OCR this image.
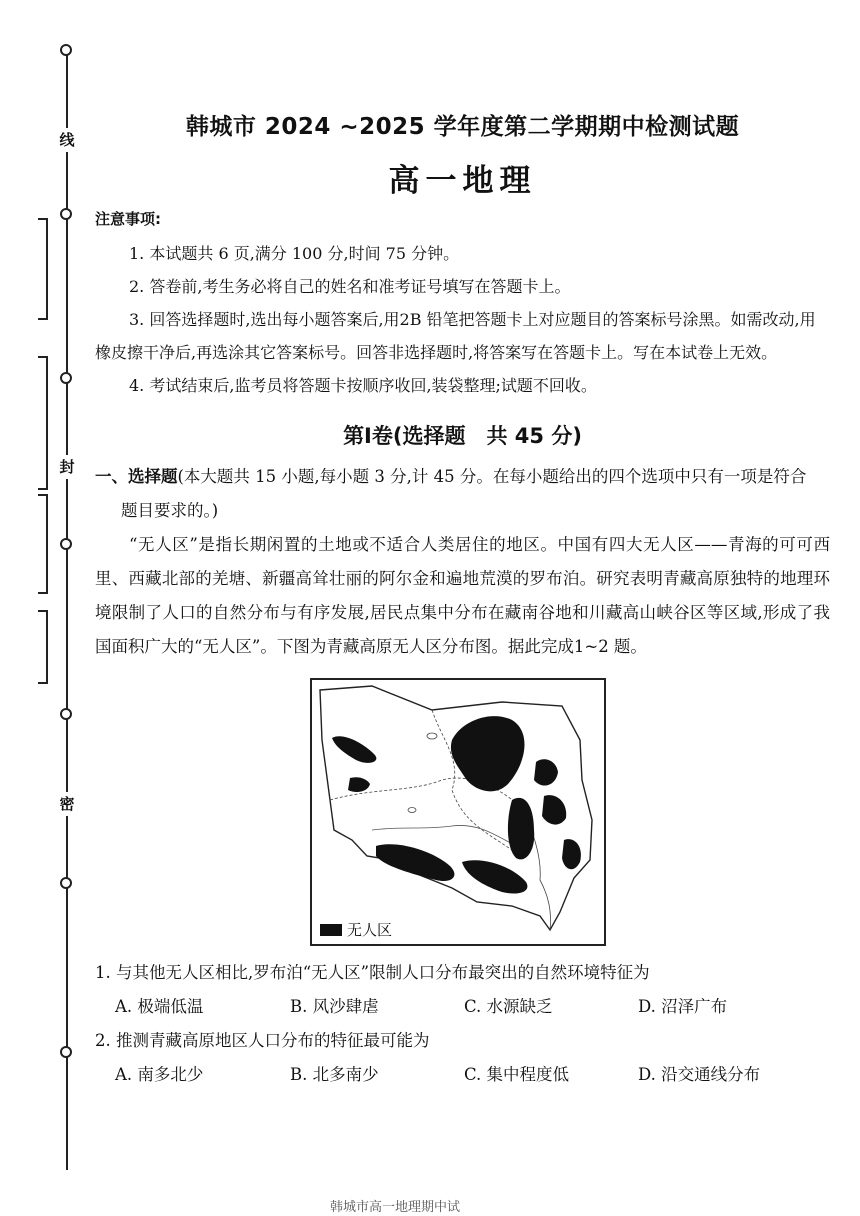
线
封
密
韩城市 2024 ~2025 学年度第二学期期中检测试题
高一地理
注意事项:

1. 本试题共 6 页,满分 100 分,时间 75 分钟。

2. 答卷前,考生务必将自己的姓名和准考证号填写在答题卡上。

3. 回答选择题时,选出每小题答案后,用2B 铅笔把答题卡上对应题目的答案标号涂黑。如需改动,用橡皮擦干净后,再选涂其它答案标号。回答非选择题时,将答案写在答题卡上。写在本试卷上无效。

4. 考试结束后,监考员将答题卡按顺序收回,装袋整理;试题不回收。

第Ⅰ卷(选择题　共 45 分)
一、选择题(本大题共 15 小题,每小题 3 分,计 45 分。在每小题给出的四个选项中只有一项是符合
题目要求的。)

“无人区”是指长期闲置的土地或不适合人类居住的地区。中国有四大无人区——青海的可可西里、西藏北部的羌塘、新疆高耸壮丽的阿尔金和遍地荒漠的罗布泊。研究表明青藏高原独特的地理环境限制了人口的自然分布与有序发展,居民点集中分布在藏南谷地和川藏高山峡谷区等区域,形成了我国面积广大的“无人区”。下图为青藏高原无人区分布图。据此完成1~2 题。

无人区
1. 与其他无人区相比,罗布泊“无人区”限制人口分布最突出的自然环境特征为
A. 极端低温	B. 风沙肆虐	C. 水源缺乏	D. 沼泽广布
2. 推测青藏高原地区人口分布的特征最可能为
A. 南多北少	B. 北多南少	C. 集中程度低	D. 沿交通线分布
韩城市高一地理期中试
